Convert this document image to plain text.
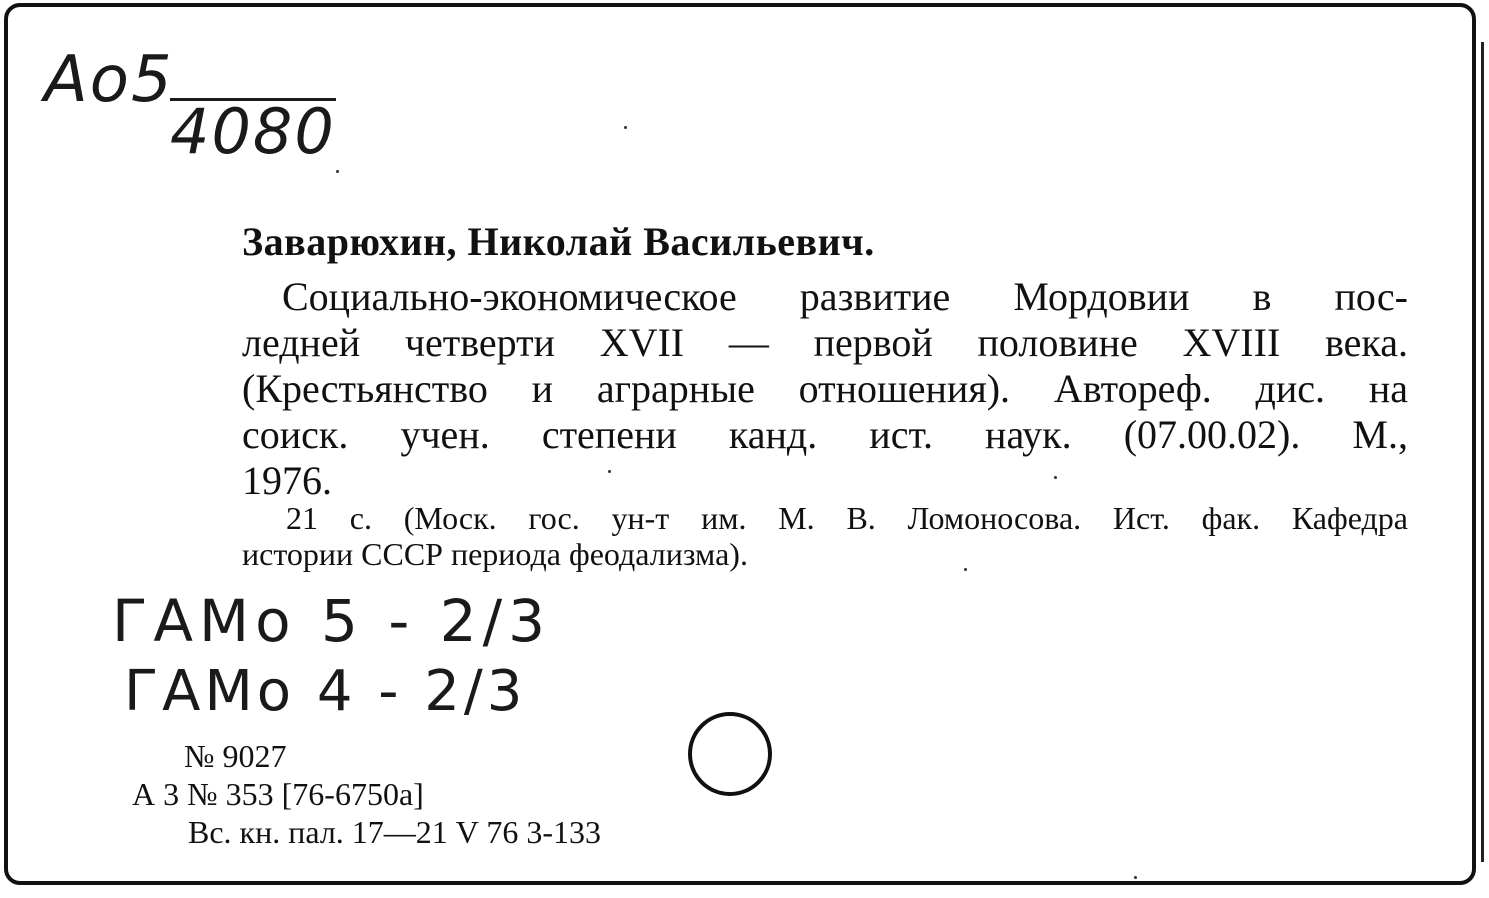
Ao5
4080
Заварюхин, Николай Васильевич.
Социально-экономическое развитие Мордовии в пос-
ледней четверти XVII — первой половине XVIII века.
(Крестьянство и аграрные отношения). Автореф. дис. на
соиск. учен. степени канд. ист. наук. (07.00.02). М.,
1976.
21 с. (Моск. гос. ун-т им. М. В. Ломоносова. Ист. фак. Кафедра
истории СССР периода феодализма).
ГАМо 5 - 2/3
ГАМо 4 - 2/3
№ 9027
А 3 № 353 [76-6750а]
Вс. кн. пал. 17—21 V 76 3-133
